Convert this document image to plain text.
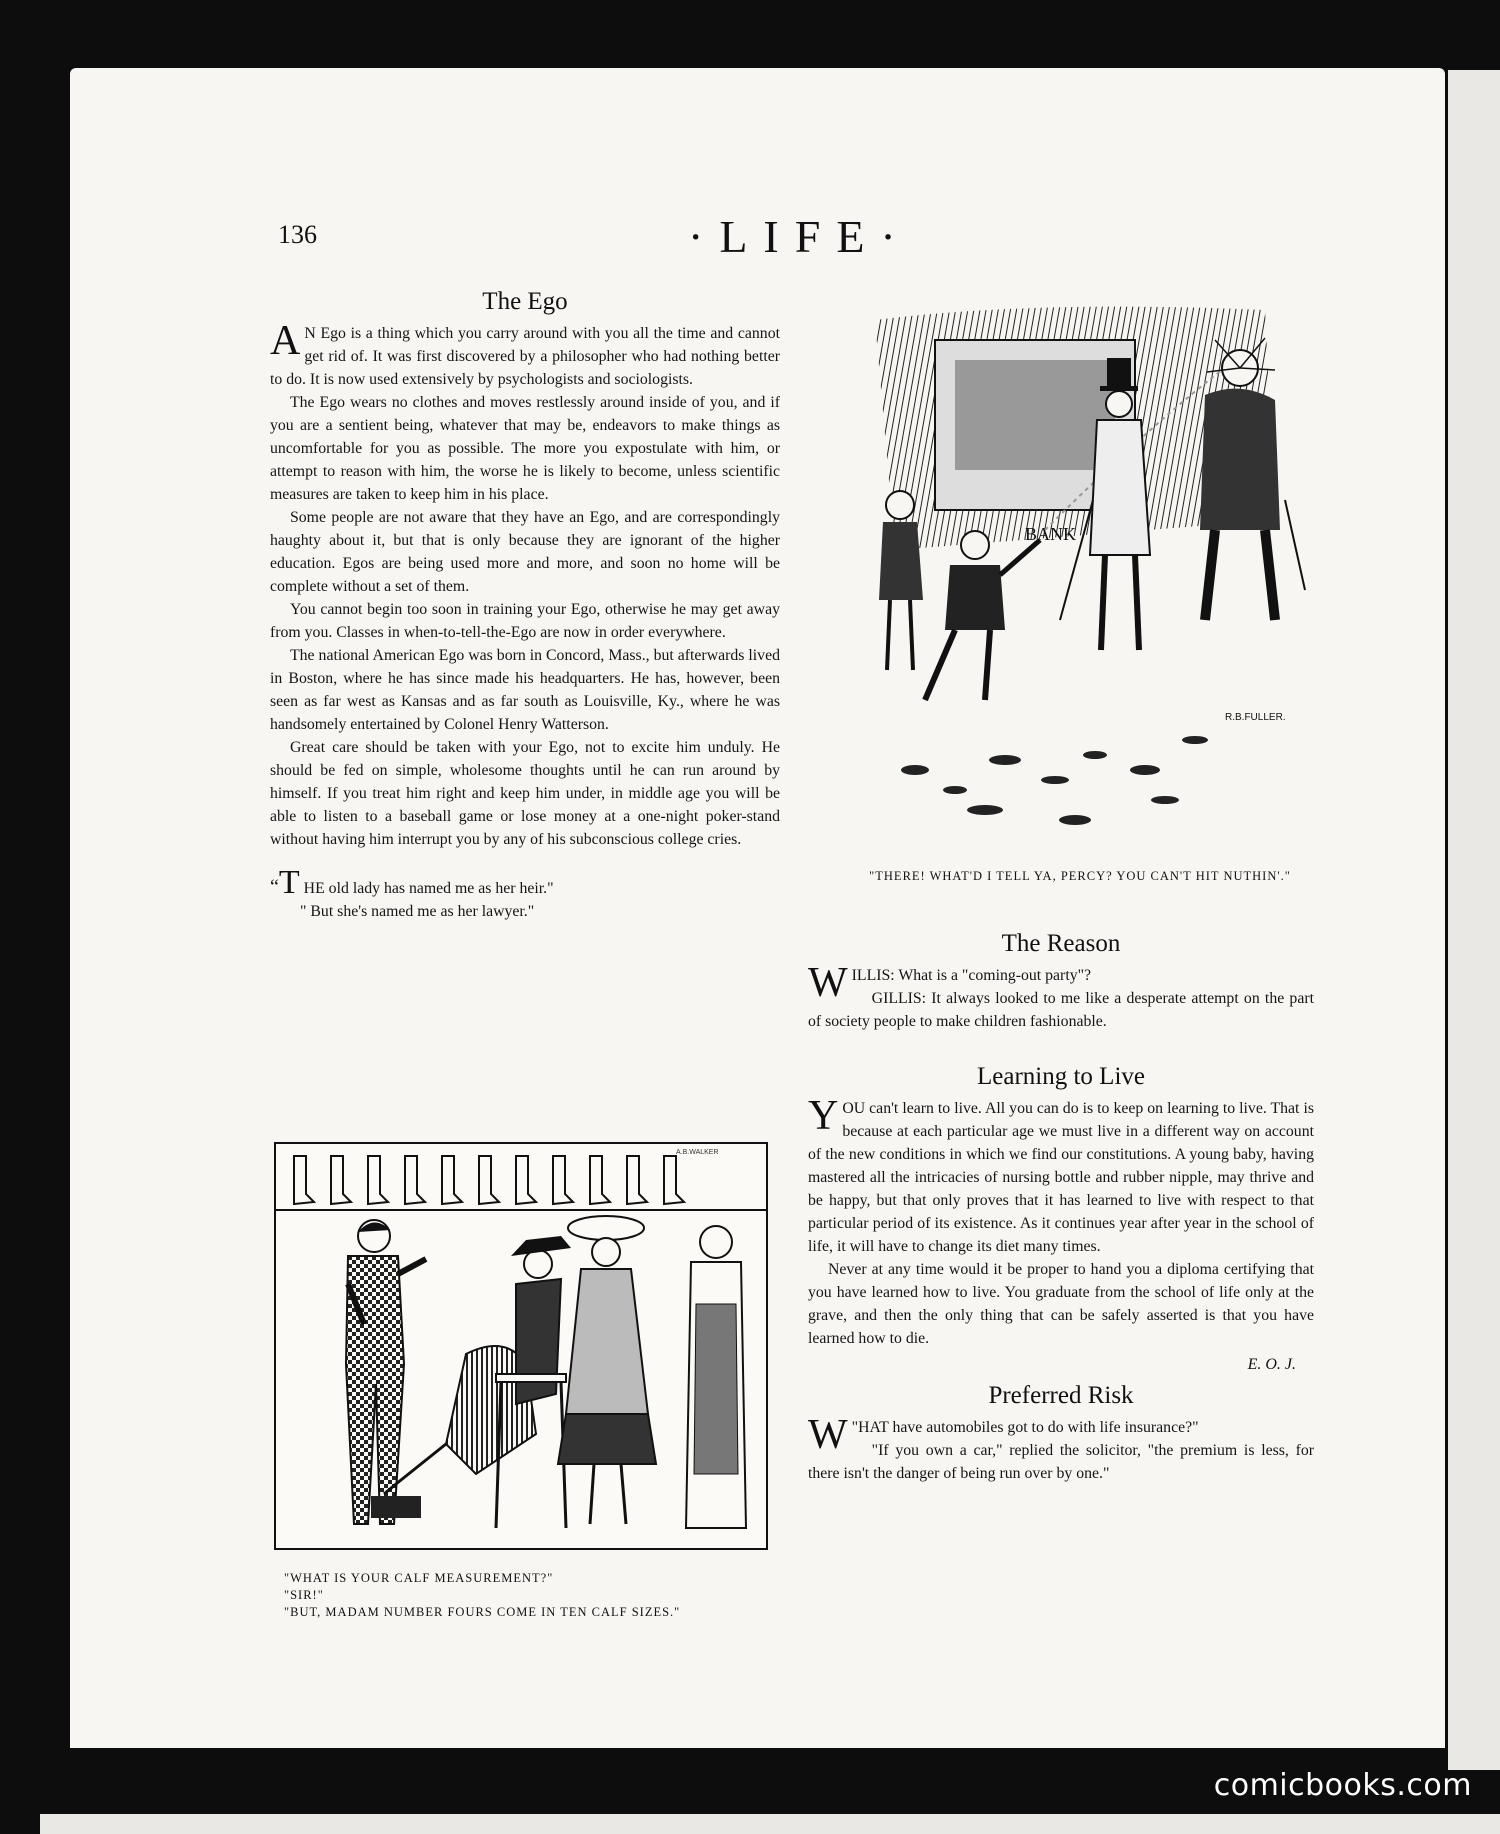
136	·LIFE·
The Ego

A N Ego is a thing which you carry around with you all the time and cannot get rid of. It was first discovered by a philosopher who had nothing better to do. It is now used extensively by psychologists and sociologists.

The Ego wears no clothes and moves restlessly around inside of you, and if you are a sentient being, whatever that may be, endeavors to make things as uncomfortable for you as possible. The more you expostulate with him, or attempt to reason with him, the worse he is likely to become, unless scientific measures are taken to keep him in his place.

Some people are not aware that they have an Ego, and are correspondingly haughty about it, but that is only because they are ignorant of the higher education. Egos are being used more and more, and soon no home will be complete without a set of them.

You cannot begin too soon in training your Ego, otherwise he may get away from you. Classes in when-to-tell-the-Ego are now in order everywhere.

The national American Ego was born in Concord, Mass., but afterwards lived in Boston, where he has since made his headquarters. He has, however, been seen as far west as Kansas and as far south as Louisville, Ky., where he was handsomely entertained by Colonel Henry Watterson.

Great care should be taken with your Ego, not to excite him unduly. He should be fed on simple, wholesome thoughts until he can run around by himself. If you treat him right and keep him under, in middle age you will be able to listen to a baseball game or lose money at a one-night poker-stand without having him interrupt you by any of his subconscious college cries.

“T HE old lady has named me as her heir."

" But she's named me as her lawyer."

A.B.WALKER
"WHAT IS YOUR CALF MEASUREMENT?"
"SIR!"
"BUT, MADAM NUMBER FOURS COME IN TEN CALF SIZES."
BANK
R.B.FULLER.
"THERE! WHAT'D I TELL YA, PERCY? YOU CAN'T HIT NUTHIN'."
The Reason

WILLIS: What is a "coming-out party"?

GILLIS: It always looked to me like a desperate attempt on the part of society people to make children fashionable.

Learning to Live

YOU can't learn to live. All you can do is to keep on learning to live. That is because at each particular age we must live in a different way on account of the new conditions in which we find our constitutions. A young baby, having mastered all the intricacies of nursing bottle and rubber nipple, may thrive and be happy, but that only proves that it has learned to live with respect to that particular period of its existence. As it continues year after year in the school of life, it will have to change its diet many times.

Never at any time would it be proper to hand you a diploma certifying that you have learned how to live. You graduate from the school of life only at the grave, and then the only thing that can be safely asserted is that you have learned how to die.

E. O. J.
Preferred Risk

"
W HAT have automobiles got to do with life insurance?"

"If you own a car," replied the solicitor, "the premium is less, for there isn't the danger of being run over by one."

comicbooks.com
